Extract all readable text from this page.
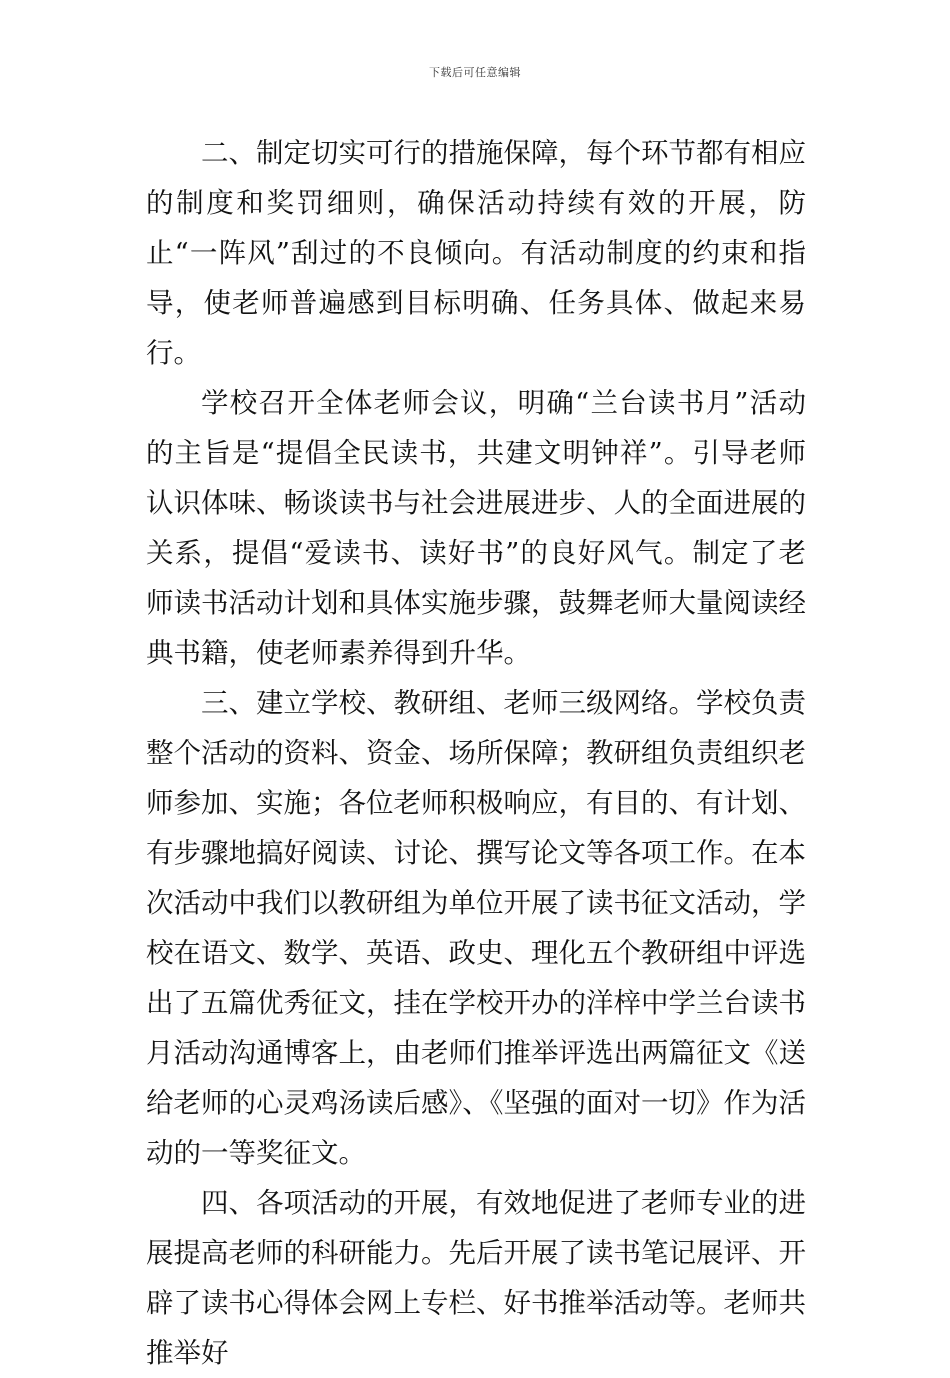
下载后可任意编辑

二、制定切实可行的措施保障，每个环节都有相应的制度和奖罚细则，确保活动持续有效的开展，防止“一阵风”刮过的不良倾向。有活动制度的约束和指导，使老师普遍感到目标明确、任务具体、做起来易行。

学校召开全体老师会议，明确“兰台读书月”活动的主旨是“提倡全民读书，共建文明钟祥”。引导老师认识体味、畅谈读书与社会进展进步、人的全面进展的关系，提倡“爱读书、读好书”的良好风气。制定了老师读书活动计划和具体实施步骤，鼓舞老师大量阅读经典书籍，使老师素养得到升华。

三、建立学校、教研组、老师三级网络。学校负责整个活动的资料、资金、场所保障；教研组负责组织老师参加、实施；各位老师积极响应，有目的、有计划、有步骤地搞好阅读、讨论、撰写论文等各项工作。在本次活动中我们以教研组为单位开展了读书征文活动，学校在语文、数学、英语、政史、理化五个教研组中评选出了五篇优秀征文，挂在学校开办的洋梓中学兰台读书月活动沟通博客上，由老师们推举评选出两篇征文《送给老师的心灵鸡汤读后感》、《坚强的面对一切》作为活动的一等奖征文。

四、各项活动的开展，有效地促进了老师专业的进展提高老师的科研能力。先后开展了读书笔记展评、开辟了读书心得体会网上专栏、好书推举活动等。老师共推举好
